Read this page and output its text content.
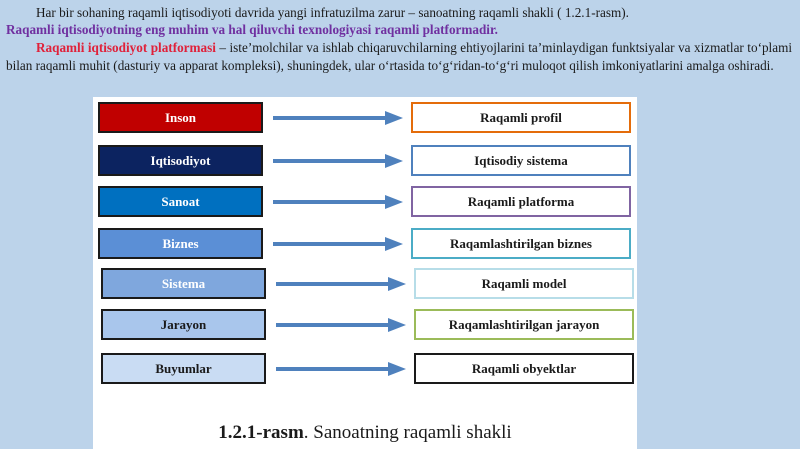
Har bir sohaning raqamli iqtisodiyoti davrida yangi infratuzilma zarur – sanoatning raqamli shakli ( 1.2.1-rasm).
Raqamli iqtisodiyotning eng muhim va hal qiluvchi texnologiyasi raqamli platformadir.
Raqamli iqtisodiyot platformasi – iste’molchilar va ishlab chiqaruvchilarning ehtiyojlarini ta’minlaydigan funktsiyalar va xizmatlar to‘plami bilan raqamli muhit (dasturiy va apparat kompleksi), shuningdek, ular o‘rtasida to‘g‘ridan-to‘g‘ri muloqot qilish imkoniyatlarini amalga oshiradi.
Inson	Raqamli profil
Iqtisodiyot	Iqtisodiy sistema
Sanoat	Raqamli platforma
Biznes	Raqamlashtirilgan biznes
Sistema	Raqamli model
Jarayon	Raqamlashtirilgan jarayon
Buyumlar	Raqamli obyektlar
1.2.1-rasm. Sanoatning raqamli shakli
